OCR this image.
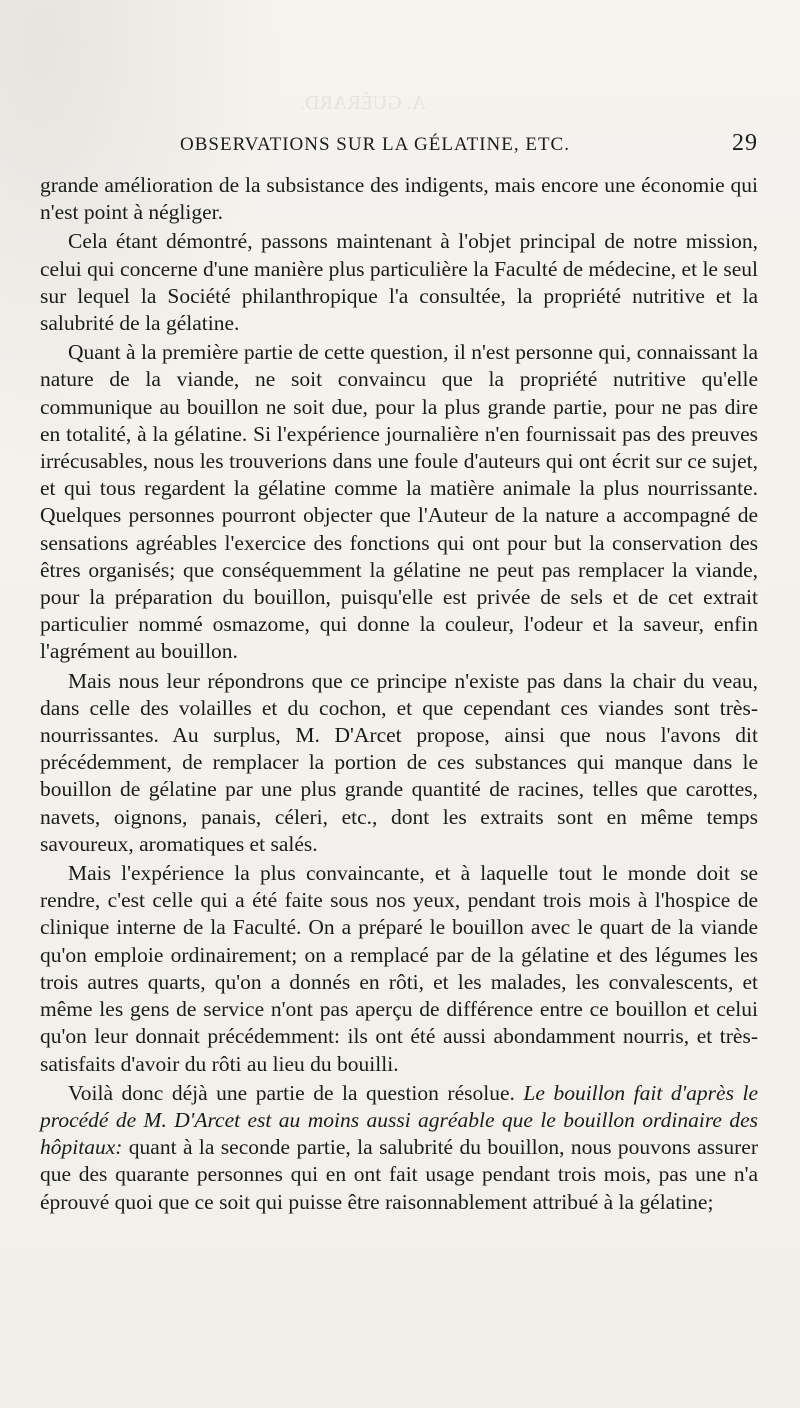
A. GUÉRARD.
OBSERVATIONS SUR LA GÉLATINE, ETC.	29

grande amélioration de la subsistance des indigents, mais encore une économie qui n'est point à négliger.

Cela étant démontré, passons maintenant à l'objet principal de notre mission, celui qui concerne d'une manière plus particulière la Faculté de médecine, et le seul sur lequel la Société philanthropique l'a consultée, la propriété nutritive et la salubrité de la gélatine.

Quant à la première partie de cette question, il n'est personne qui, connaissant la nature de la viande, ne soit convaincu que la propriété nutritive qu'elle communique au bouillon ne soit due, pour la plus grande partie, pour ne pas dire en totalité, à la gélatine. Si l'expérience journalière n'en fournissait pas des preuves irrécusables, nous les trouverions dans une foule d'auteurs qui ont écrit sur ce sujet, et qui tous regardent la gélatine comme la matière animale la plus nourrissante. Quelques personnes pourront objecter que l'Auteur de la nature a accompagné de sensations agréables l'exercice des fonctions qui ont pour but la conservation des êtres organisés; que conséquemment la gélatine ne peut pas remplacer la viande, pour la préparation du bouillon, puisqu'elle est privée de sels et de cet extrait particulier nommé osmazome, qui donne la couleur, l'odeur et la saveur, enfin l'agrément au bouillon.

Mais nous leur répondrons que ce principe n'existe pas dans la chair du veau, dans celle des volailles et du cochon, et que cependant ces viandes sont très-nourrissantes. Au surplus, M. D'Arcet propose, ainsi que nous l'avons dit précédemment, de remplacer la portion de ces substances qui manque dans le bouillon de gélatine par une plus grande quantité de racines, telles que carottes, navets, oignons, panais, céleri, etc., dont les extraits sont en même temps savoureux, aromatiques et salés.

Mais l'expérience la plus convaincante, et à laquelle tout le monde doit se rendre, c'est celle qui a été faite sous nos yeux, pendant trois mois à l'hospice de clinique interne de la Faculté. On a préparé le bouillon avec le quart de la viande qu'on emploie ordinairement; on a remplacé par de la gélatine et des légumes les trois autres quarts, qu'on a donnés en rôti, et les malades, les convalescents, et même les gens de service n'ont pas aperçu de différence entre ce bouillon et celui qu'on leur donnait précédemment: ils ont été aussi abondamment nourris, et très-satisfaits d'avoir du rôti au lieu du bouilli.

Voilà donc déjà une partie de la question résolue. Le bouillon fait d'après le procédé de M. D'Arcet est au moins aussi agréable que le bouillon ordinaire des hôpitaux: quant à la seconde partie, la salubrité du bouillon, nous pouvons assurer que des quarante personnes qui en ont fait usage pendant trois mois, pas une n'a éprouvé quoi que ce soit qui puisse être raisonnablement attribué à la gélatine;
